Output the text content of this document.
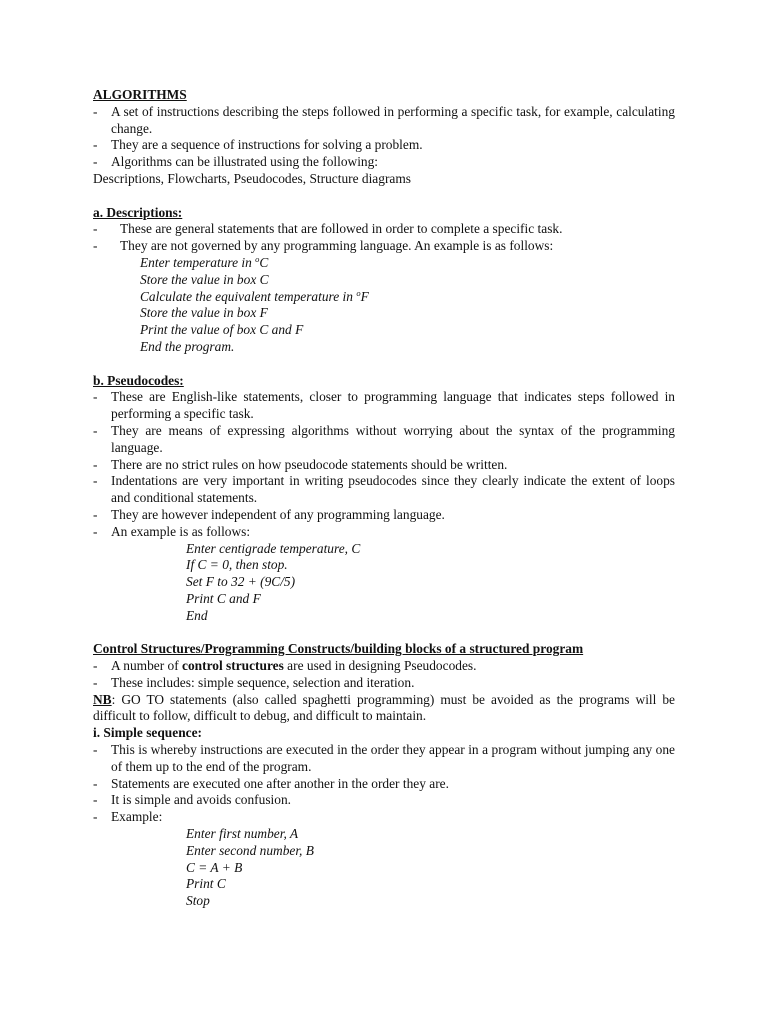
ALGORITHMS
-	A set of instructions describing the steps followed in performing a specific task, for example, calculating change.
-	They are a sequence of instructions for solving a problem.
-	Algorithms can be illustrated using the following:
Descriptions, Flowcharts, Pseudocodes, Structure diagrams
a. Descriptions:
-	These are general statements that are followed in order to complete a specific task.
-	They are not governed by any programming language. An example is as follows:
Enter temperature in $^o$C
Store the value in box C
Calculate the equivalent temperature in $^o$F
Store the value in box F
Print the value of box C and F
End the program.
b. Pseudocodes:
-	These are English-like statements, closer to programming language that indicates steps followed in performing a specific task.
-	They are means of expressing algorithms without worrying about the syntax of the programming language.
-	There are no strict rules on how pseudocode statements should be written.
-	Indentations are very important in writing pseudocodes since they clearly indicate the extent of loops and conditional statements.
-	They are however independent of any programming language.
-	An example is as follows:
Enter centigrade temperature, C
If C = 0, then stop.
Set F to 32 + (9C/5)
Print C and F
End
Control Structures/Programming Constructs/building blocks of a structured program
-	A number of control structures are used in designing Pseudocodes.
-	These includes: simple sequence, selection and iteration.
NB: GO TO statements (also called spaghetti programming) must be avoided as the programs will be difficult to follow, difficult to debug, and difficult to maintain.
i. Simple sequence:
-	This is whereby instructions are executed in the order they appear in a program without jumping any one of them up to the end of the program.
-	Statements are executed one after another in the order they are.
-	It is simple and avoids confusion.
-	Example:
Enter first number, A
Enter second number, B
C = A + B
Print C
Stop
